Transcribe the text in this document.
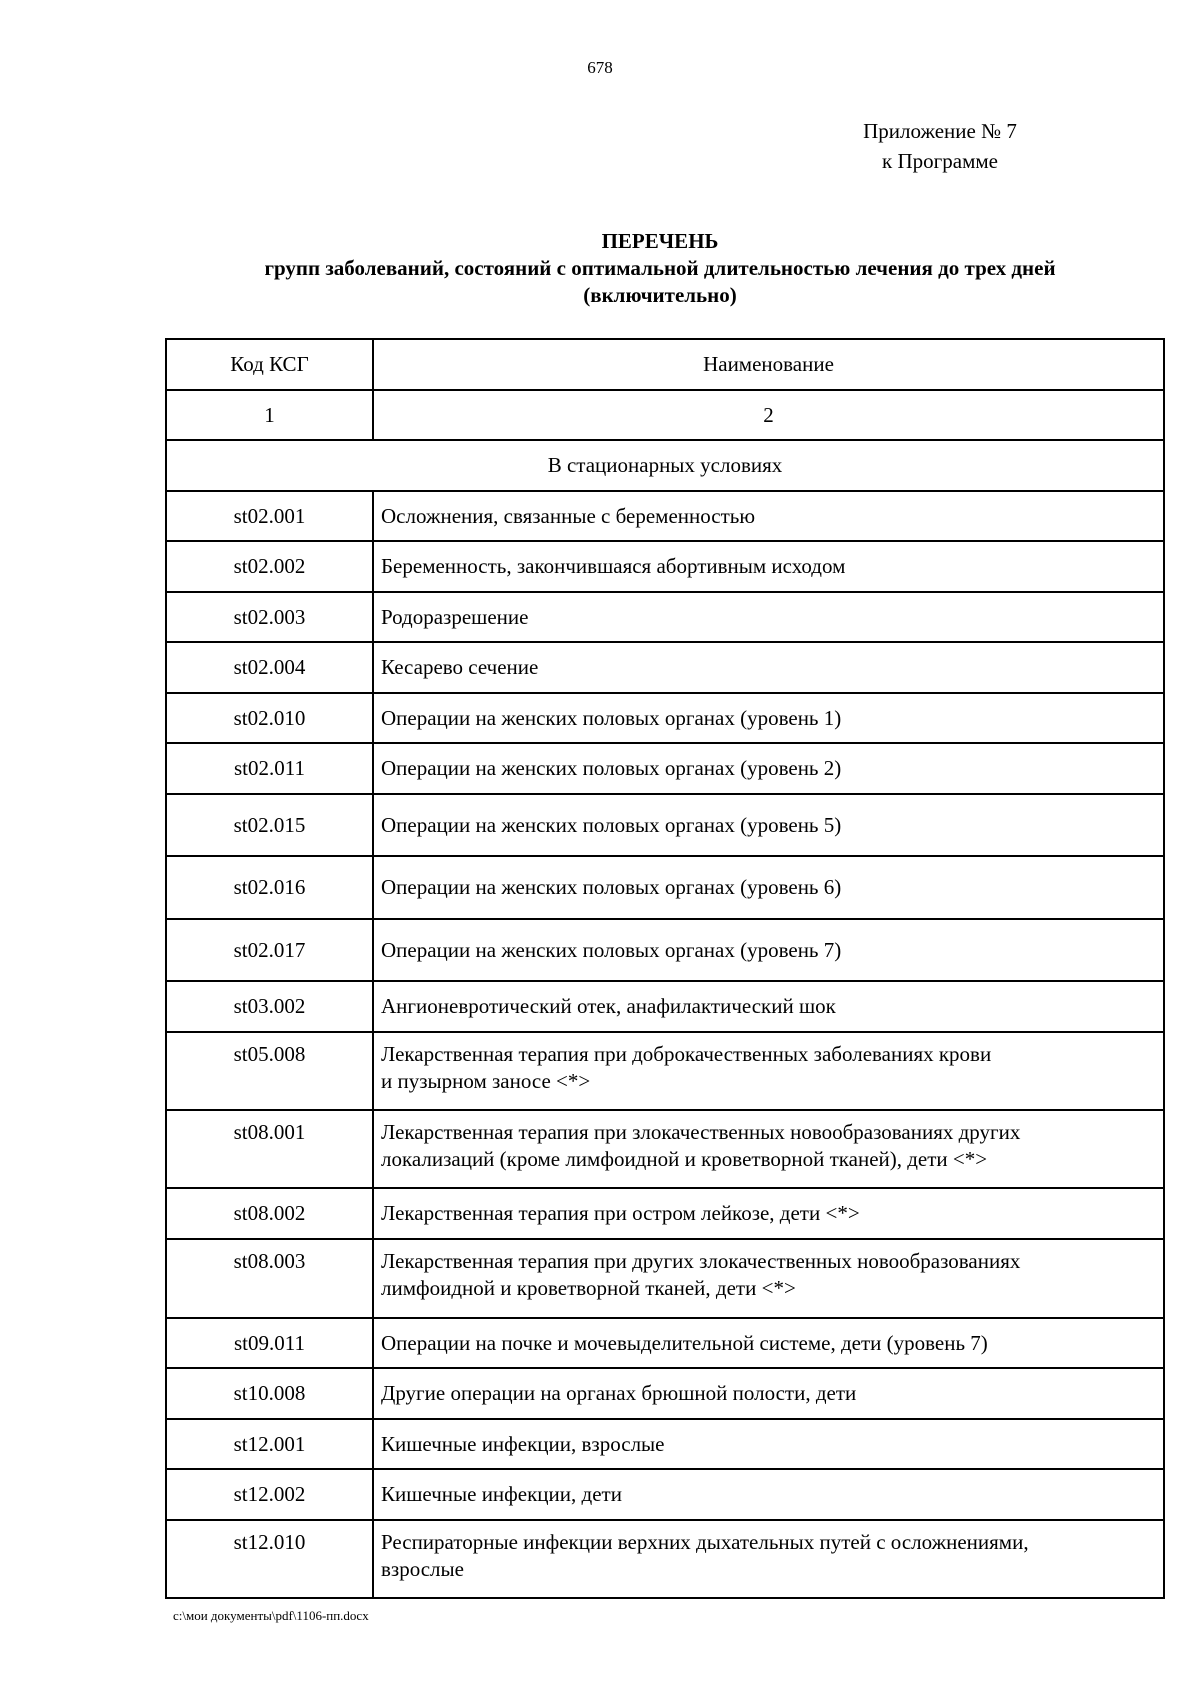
678
Приложение № 7
к Программе
ПЕРЕЧЕНЬ
групп заболеваний, состояний с оптимальной длительностью лечения до трех дней
(включительно)
Код КСГ	Наименование
1	2
В стационарных условиях	
st02.001	Осложнения, связанные с беременностью
st02.002	Беременность, закончившаяся абортивным исходом
st02.003	Родоразрешение
st02.004	Кесарево сечение
st02.010	Операции на женских половых органах (уровень 1)
st02.011	Операции на женских половых органах (уровень 2)
st02.015	Операции на женских половых органах (уровень 5)
st02.016	Операции на женских половых органах (уровень 6)
st02.017	Операции на женских половых органах (уровень 7)
st03.002	Ангионевротический отек, анафилактический шок
st05.008	Лекарственная терапия при доброкачественных заболеваниях крови
и пузырном заносе <*>

st08.001	Лекарственная терапия при злокачественных новообразованиях других
локализаций (кроме лимфоидной и кроветворной тканей), дети <*>

st08.002	Лекарственная терапия при остром лейкозе, дети <*>
st08.003	Лекарственная терапия при других злокачественных новообразованиях
лимфоидной и кроветворной тканей, дети <*>

st09.011	Операции на почке и мочевыделительной системе, дети (уровень 7)
st10.008	Другие операции на органах брюшной полости, дети
st12.001	Кишечные инфекции, взрослые
st12.002	Кишечные инфекции, дети
st12.010	Респираторные инфекции верхних дыхательных путей с осложнениями,
взрослые
c:\мои документы\pdf\1106-пп.docx
